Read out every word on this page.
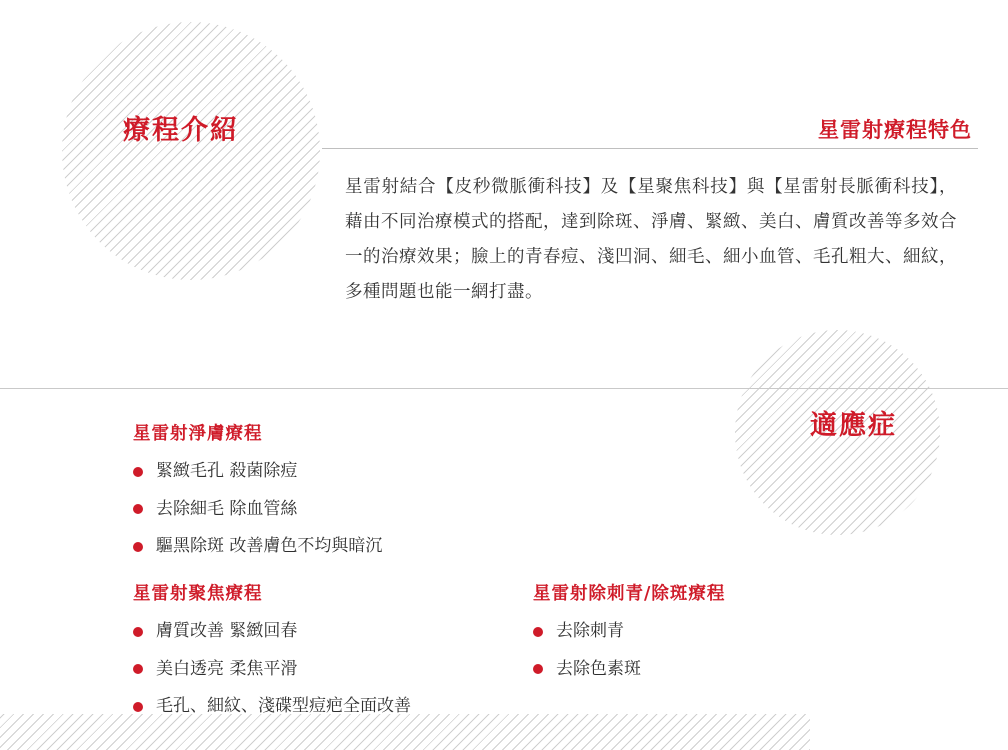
療程介紹	星雷射療程特色
星雷射結合【皮秒微脈衝科技】及【星聚焦科技】與【星雷射長脈衝科技】，藉由不同治療模式的搭配，達到除斑、淨膚、緊緻、美白、膚質改善等多效合一的治療效果；臉上的青春痘、淺凹洞、細毛、細小血管、毛孔粗大、細紋，多種問題也能一網打盡。
適應症
星雷射淨膚療程
緊緻毛孔 殺菌除痘
去除細毛 除血管絲
驅黑除斑 改善膚色不均與暗沉
星雷射聚焦療程
膚質改善 緊緻回春
美白透亮 柔焦平滑
毛孔、細紋、淺碟型痘疤全面改善
星雷射除刺青/除斑療程
去除刺青
去除色素斑
